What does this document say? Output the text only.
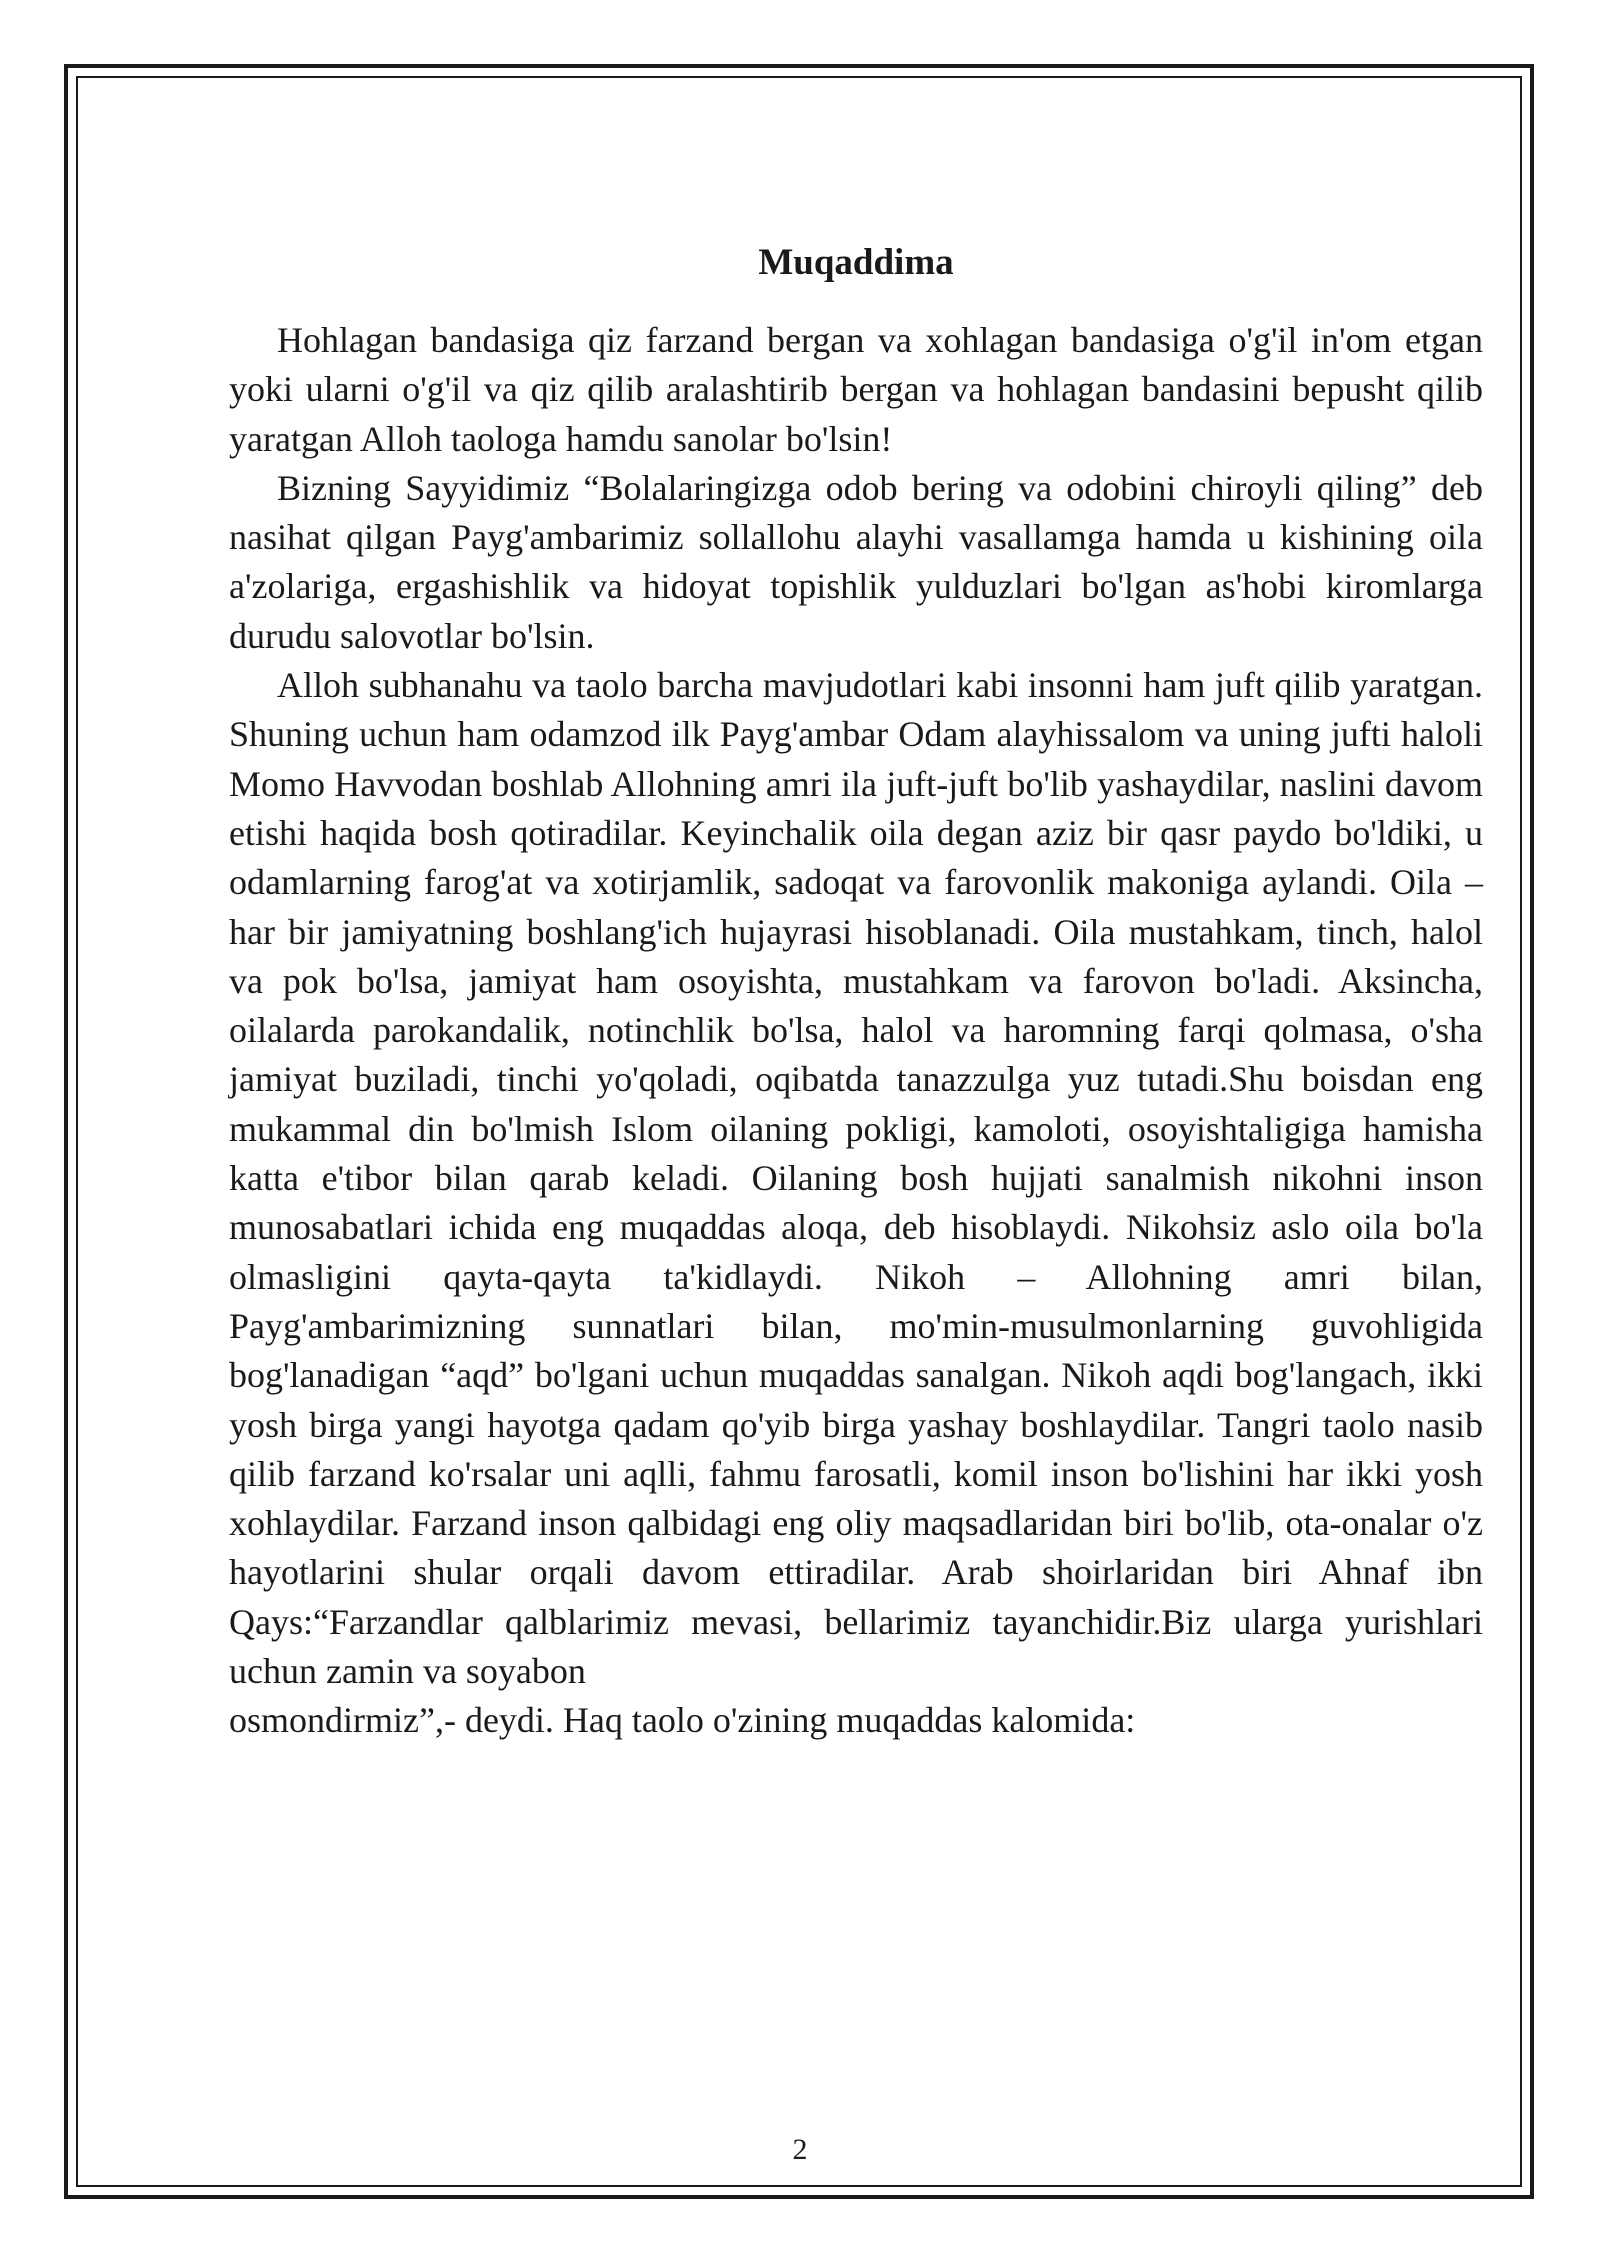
Muqaddima

Hohlagan bandasiga qiz farzand bergan va xohlagan bandasiga o'g'il in'om etgan yoki ularni o'g'il va qiz qilib aralashtirib bergan va hohlagan bandasini bepusht qilib yaratgan Alloh taologa hamdu sanolar bo'lsin!

Bizning Sayyidimiz “Bolalaringizga odob bering va odobini chiroyli qiling” deb nasihat qilgan Payg'ambarimiz sollallohu alayhi vasallamga hamda u kishining oila a'zolariga, ergashishlik va hidoyat topishlik yulduzlari bo'lgan as'hobi kiromlarga durudu salovotlar bo'lsin.

Alloh subhanahu va taolo barcha mavjudotlari kabi insonni ham juft qilib yaratgan. Shuning uchun ham odamzod ilk Payg'ambar Odam alayhissalom va uning jufti haloli Momo Havvodan boshlab Allohning amri ila juft-juft bo'lib yashaydilar, naslini davom etishi haqida bosh qotiradilar. Keyinchalik oila degan aziz bir qasr paydo bo'ldiki, u odamlarning farog'at va xotirjamlik, sadoqat va farovonlik makoniga aylandi. Oila – har bir jamiyatning boshlang'ich hujayrasi hisoblanadi. Oila mustahkam, tinch, halol va pok bo'lsa, jamiyat ham osoyishta, mustahkam va farovon bo'ladi. Aksincha, oilalarda parokandalik, notinchlik bo'lsa, halol va haromning farqi qolmasa, o'sha jamiyat buziladi, tinchi yo'qoladi, oqibatda tanazzulga yuz tutadi.Shu boisdan eng mukammal din bo'lmish Islom oilaning pokligi, kamoloti, osoyishtaligiga hamisha katta e'tibor bilan qarab keladi. Oilaning bosh hujjati sanalmish nikohni inson munosabatlari ichida eng muqaddas aloqa, deb hisoblaydi. Nikohsiz aslo oila bo'la olmasligini qayta-qayta ta'kidlaydi. Nikoh – Allohning amri bilan, Payg'ambarimizning sunnatlari bilan, mo'min-musulmonlarning guvohligida bog'lanadigan “aqd” bo'lgani uchun muqaddas sanalgan. Nikoh aqdi bog'langach, ikki yosh birga yangi hayotga qadam qo'yib birga yashay boshlaydilar. Tangri taolo nasib qilib farzand ko'rsalar uni aqlli, fahmu farosatli, komil inson bo'lishini har ikki yosh xohlaydilar. Farzand inson qalbidagi eng oliy maqsadlaridan biri bo'lib, ota-onalar o'z hayotlarini shular orqali davom ettiradilar. Arab shoirlaridan biri Ahnaf ibn Qays:“Farzandlar qalblarimiz mevasi, bellarimiz tayanchidir.Biz ularga yurishlari uchun zamin va soyabon

osmondirmiz”,- deydi. Haq taolo o'zining muqaddas kalomida:

2
